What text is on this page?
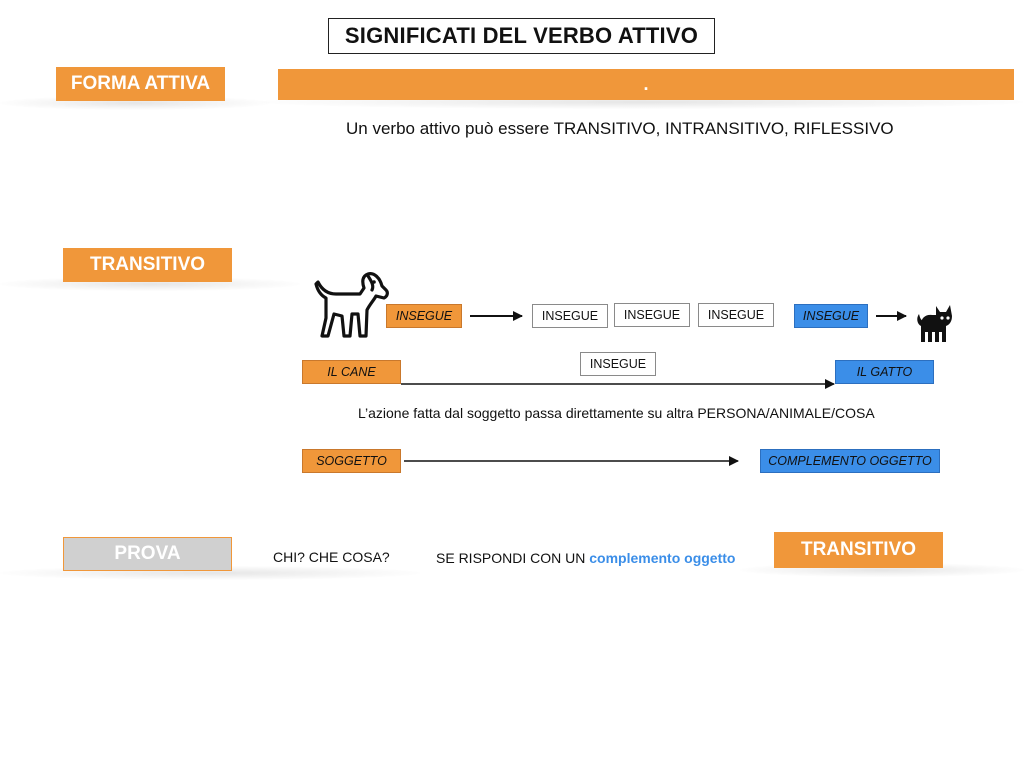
SIGNIFICATI DEL VERBO ATTIVO
FORMA ATTIVA	.
Un verbo attivo può essere TRANSITIVO, INTRANSITIVO, RIFLESSIVO
TRANSITIVO
INSEGUE	INSEGUE	INSEGUE	INSEGUE	INSEGUE
IL CANE
INSEGUE
IL GATTO
L’azione fatta dal soggetto passa direttamente su altra PERSONA/ANIMALE/COSA
SOGGETTO	COMPLEMENTO OGGETTO
PROVA	CHI? CHE COSA?	SE RISPONDI CON UN complemento oggetto	TRANSITIVO
